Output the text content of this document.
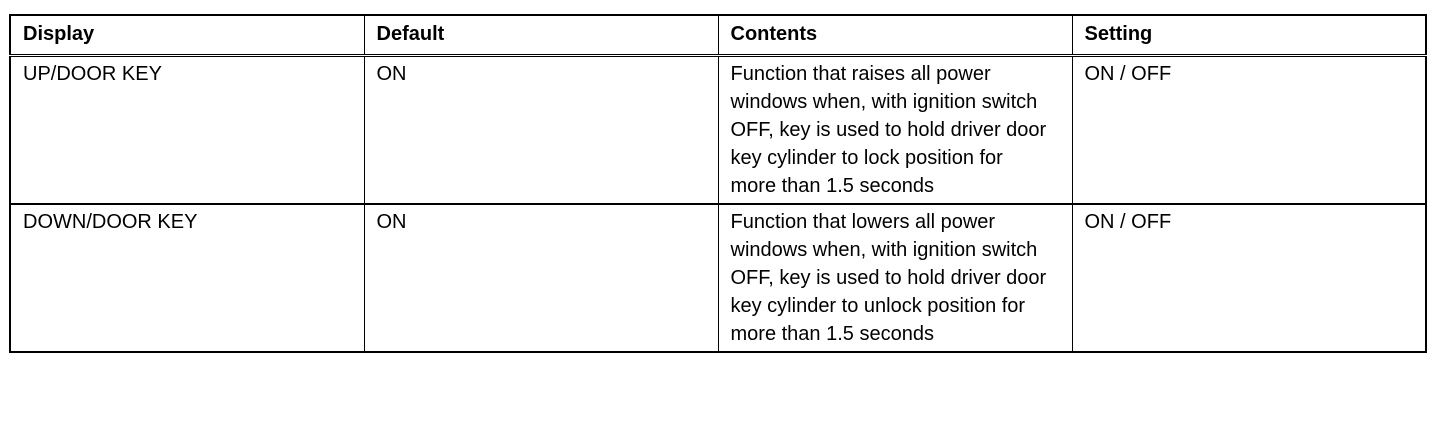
Display	Default	Contents	Setting

UP/DOOR KEY	ON	Function that raises all power windows when, with ignition switch OFF, key is used to hold driver door key cylinder to lock position for more than 1.5 seconds	ON / OFF

DOWN/DOOR KEY	ON	Function that lowers all power windows when, with ignition switch OFF, key is used to hold driver door key cylinder to unlock position for more than 1.5 seconds	ON / OFF
